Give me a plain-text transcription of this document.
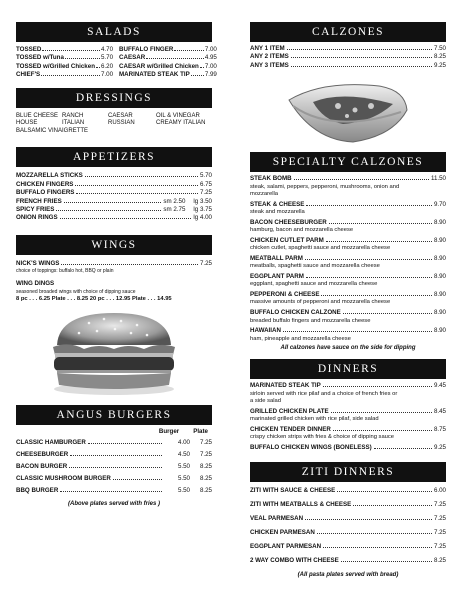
SALADS
TOSSED	4.70
TOSSED w/Tuna	5.70
TOSSED w/Grilled Chicken 6.20
CHIEF'S	7.00
BUFFALO FINGER	7.00
CAESAR	4.95
CAESAR w/Grilled Chicken 7.00
MARINATED STEAK TIP 7.99
DRESSINGS
BLUE CHEESE RANCH	CAESAR	OIL & VINEGAR
HOUSE	ITALIAN	RUSSIAN	CREAMY ITALIAN
BALSAMIC VINAIGRETTE
APPETIZERS
MOZZARELLA STICKS	5.70
CHICKEN FINGERS	6.75
BUFFALO FINGERS	7.25
FRENCH FRIES	sm 2.50 lg 3.50
SPICY FRIES	sm 2.75 lg 3.75
ONION RINGS	lg 4.00
WINGS
NICK'S WINGS	7.25
choice of toppings: buffalo hot, BBQ or plain
WING DINGS
seasoned broaded wings with choice of dipping sauce
8 pc . . . 6.25 Plate . . . 8.25 20 pc . . . 12.95 Plate . . . 14.95
ANGUS BURGERS
Burger Plate
CLASSIC HAMBURGER	4.00	7.25
CHEESEBURGER	4.50	7.25
BACON BURGER	5.50	8.25
CLASSIC MUSHROOM BURGER	5.50	8.25
BBQ BURGER	5.50	8.25
(Above plates served with fries )
CALZONES
ANY 1 ITEM	7.50
ANY 2 ITEMS	8.25
ANY 3 ITEMS	9.25
SPECIALTY CALZONES
STEAK BOMB	11.50
steak, salami, peppers, pepperoni, mushrooms, onion and mozzarella
STEAK & CHEESE	9.70
steak and mozzarella
BACON CHEESEBURGER	8.90
hamburg, bacon and mozzarella cheese
CHICKEN CUTLET PARM	8.90
chicken cutlet, spaghetti sauce and mozzarella cheese
MEATBALL PARM	8.90
meatballs, spaghetti sauce and mozzarella cheese
EGGPLANT PARM	8.90
eggplant, spaghetti sauce and mozzarella cheese
PEPPERONI & CHEESE	8.90
massive amounts of pepperoni and mozzarella cheese
BUFFALO CHICKEN CALZONE	8.90
breaded buffalo fingers and mozzarella cheese
HAWAIIAN	8.90
ham, pineapple and mozzarella cheese
All calzones have sauce on the side for dipping
DINNERS
MARINATED STEAK TIP	9.45
sirloin served with rice pilaf and a choice of french fries or a side salad
GRILLED CHICKEN PLATE	8.45
marinated grilled chicken with rice pilaf, side salad
CHICKEN TENDER DINNER	8.75
crispy chicken strips with fries & choice of dipping sauce
BUFFALO CHICKEN WINGS (BONELESS)	9.25
ZITI DINNERS
ZITI WITH SAUCE & CHEESE	6.00
ZITI WITH MEATBALLS & CHEESE	7.25
VEAL PARMESAN	7.25
CHICKEN PARMESAN	7.25
EGGPLANT PARMESAN	7.25
2 WAY COMBO WITH CHEESE	8.25
(All pasta plates served with bread)
